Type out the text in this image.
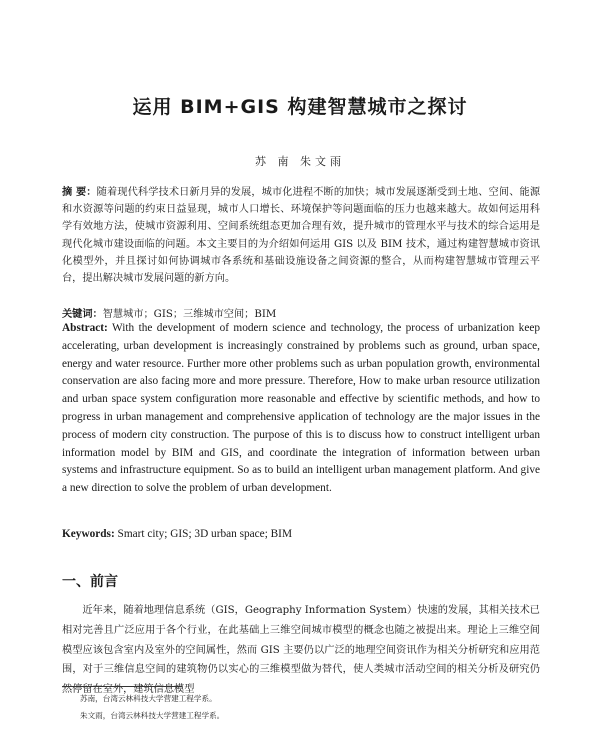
运用 BIM+GIS 构建智慧城市之探讨
苏 南 朱文雨
摘 要：随着现代科学技术日新月异的发展，城市化进程不断的加快；城市发展逐渐受到土地、空间、能源和水资源等问题的约束日益显现，城市人口增长、环境保护等问题面临的压力也越来越大。故如何运用科学有效地方法，使城市资源利用、空间系统组态更加合理有效，提升城市的管理水平与技术的综合运用是现代化城市建设面临的问题。本文主要目的为介绍如何运用 GIS 以及 BIM 技术，通过构建智慧城市资讯化模型外，并且探讨如何协调城市各系统和基础设施设备之间资源的整合，从而构建智慧城市管理云平台，提出解决城市发展问题的新方向。
关键词：智慧城市；GIS；三维城市空间；BIM
Abstract: With the development of modern science and technology, the process of urbanization keep accelerating, urban development is increasingly constrained by problems such as ground, urban space, energy and water resource. Further more other problems such as urban population growth, environmental conservation are also facing more and more pressure. Therefore, How to make urban resource utilization and urban space system configuration more reasonable and effective by scientific methods, and how to progress in urban management and comprehensive application of technology are the major issues in the process of modern city construction. The purpose of this is to discuss how to construct intelligent urban information model by BIM and GIS, and coordinate the integration of information between urban systems and infrastructure equipment. So as to build an intelligent urban management platform. And give a new direction to solve the problem of urban development.
Keywords: Smart city; GIS; 3D urban space; BIM
一、前言
近年来，随着地理信息系统（GIS，Geography Information System）快速的发展，其相关技术已相对完善且广泛应用于各个行业，在此基础上三维空间城市模型的概念也随之被提出来。理论上三维空间模型应该包含室内及室外的空间属性，然而 GIS 主要仍以广泛的地理空间资讯作为相关分析研究和应用范围，对于三维信息空间的建筑物仍以实心的三维模型做为替代，使人类城市活动空间的相关分析及研究仍然停留在室外，建筑信息模型
苏南，台湾云林科技大学营建工程学系。
朱文雨，台湾云林科技大学营建工程学系。
